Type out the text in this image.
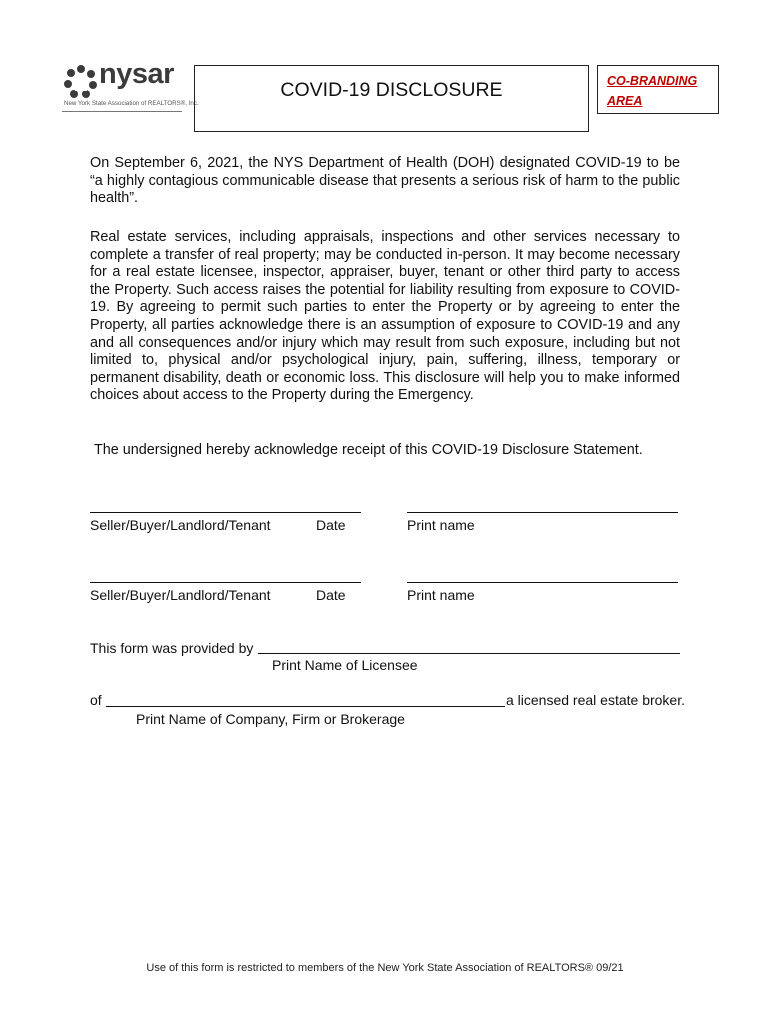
nysar
New York State Association of REALTORS®, Inc.
COVID-19 DISCLOSURE	CO-BRANDING AREA
On September 6, 2021, the NYS Department of Health (DOH) designated COVID-19 to be “a highly contagious communicable disease that presents a serious risk of harm to the public health”.
Real estate services, including appraisals, inspections and other services necessary to complete a transfer of real property; may be conducted in-person. It may become necessary for a real estate licensee, inspector, appraiser, buyer, tenant or other third party to access the Property. Such access raises the potential for liability resulting from exposure to COVID-19. By agreeing to permit such parties to enter the Property or by agreeing to enter the Property, all parties acknowledge there is an assumption of exposure to COVID-19 and any and all consequences and/or injury which may result from such exposure, including but not limited to, physical and/or psychological injury, pain, suffering, illness, temporary or permanent disability, death or economic loss. This disclosure will help you to make informed choices about access to the Property during the Emergency.
The undersigned hereby acknowledge receipt of this COVID-19 Disclosure Statement.
Seller/Buyer/Landlord/Tenant	Date	Print name
Seller/Buyer/Landlord/Tenant	Date	Print name
This form was provided by
Print Name of Licensee
of	a licensed real estate broker.
Print Name of Company, Firm or Brokerage
Use of this form is restricted to members of the New York State Association of REALTORS® 09/21
